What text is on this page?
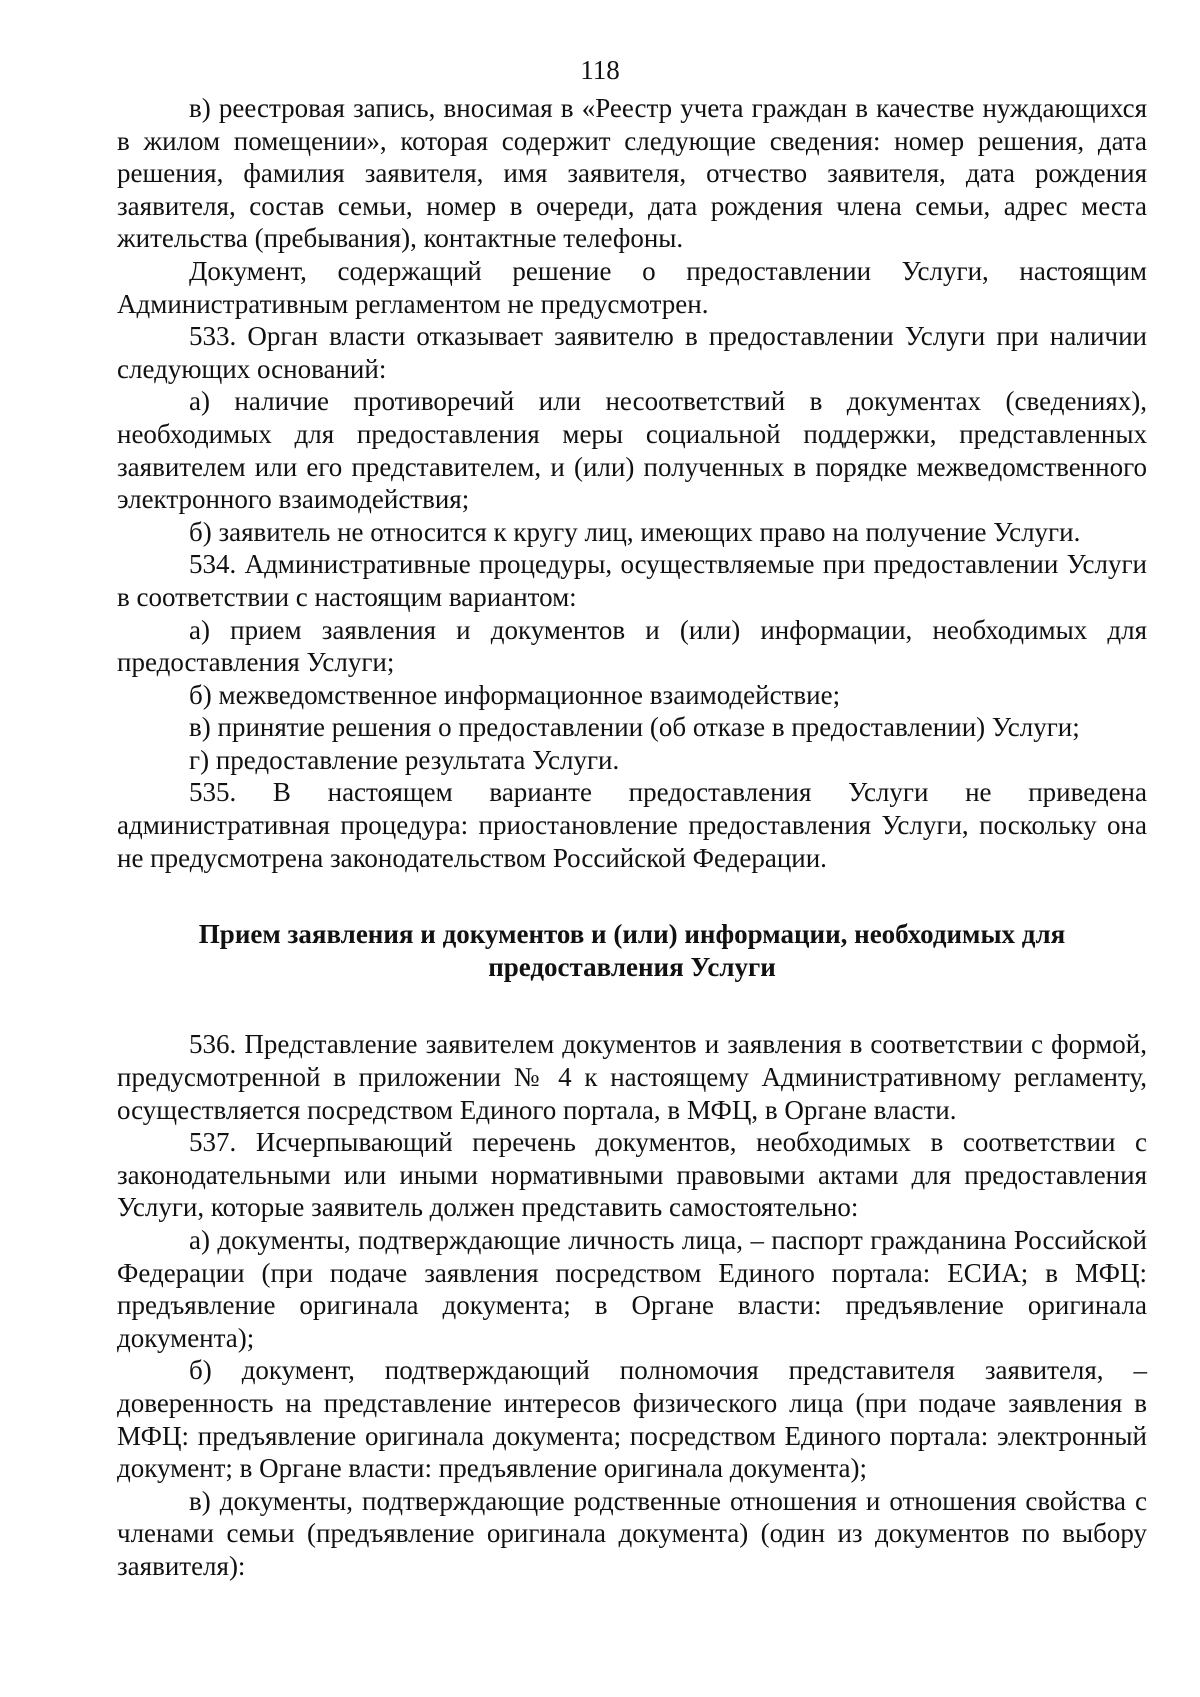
118

в) реестровая запись, вносимая в «Реестр учета граждан в качестве нуждающихся в жилом помещении», которая содержит следующие сведения: номер решения, дата решения, фамилия заявителя, имя заявителя, отчество заявителя, дата рождения заявителя, состав семьи, номер в очереди, дата рождения члена семьи, адрес места жительства (пребывания), контактные телефоны.

Документ, содержащий решение о предоставлении Услуги, настоящим Административным регламентом не предусмотрен.

533. Орган власти отказывает заявителю в предоставлении Услуги при наличии следующих оснований:

а) наличие противоречий или несоответствий в документах (сведениях), необходимых для предоставления меры социальной поддержки, представленных заявителем или его представителем, и (или) полученных в порядке межведомственного электронного взаимодействия;

б) заявитель не относится к кругу лиц, имеющих право на получение Услуги.

534. Административные процедуры, осуществляемые при предоставлении Услуги в соответствии с настоящим вариантом:

а) прием заявления и документов и (или) информации, необходимых для предоставления Услуги;

б) межведомственное информационное взаимодействие;

в) принятие решения о предоставлении (об отказе в предоставлении) Услуги;

г) предоставление результата Услуги.

535. В настоящем варианте предоставления Услуги не приведена административная процедура: приостановление предоставления Услуги, поскольку она не предусмотрена законодательством Российской Федерации.

Прием заявления и документов и (или) информации, необходимых для предоставления Услуги

536. Представление заявителем документов и заявления в соответствии с формой, предусмотренной в приложении № 4 к настоящему Административному регламенту, осуществляется посредством Единого портала, в МФЦ, в Органе власти.

537. Исчерпывающий перечень документов, необходимых в соответствии с законодательными или иными нормативными правовыми актами для предоставления Услуги, которые заявитель должен представить самостоятельно:

а) документы, подтверждающие личность лица, – паспорт гражданина Российской Федерации (при подаче заявления посредством Единого портала: ЕСИА; в МФЦ: предъявление оригинала документа; в Органе власти: предъявление оригинала документа);

б) документ, подтверждающий полномочия представителя заявителя, – доверенность на представление интересов физического лица (при подаче заявления в МФЦ: предъявление оригинала документа; посредством Единого портала: электронный документ; в Органе власти: предъявление оригинала документа);

в) документы, подтверждающие родственные отношения и отношения свойства с членами семьи (предъявление оригинала документа) (один из документов по выбору заявителя):
